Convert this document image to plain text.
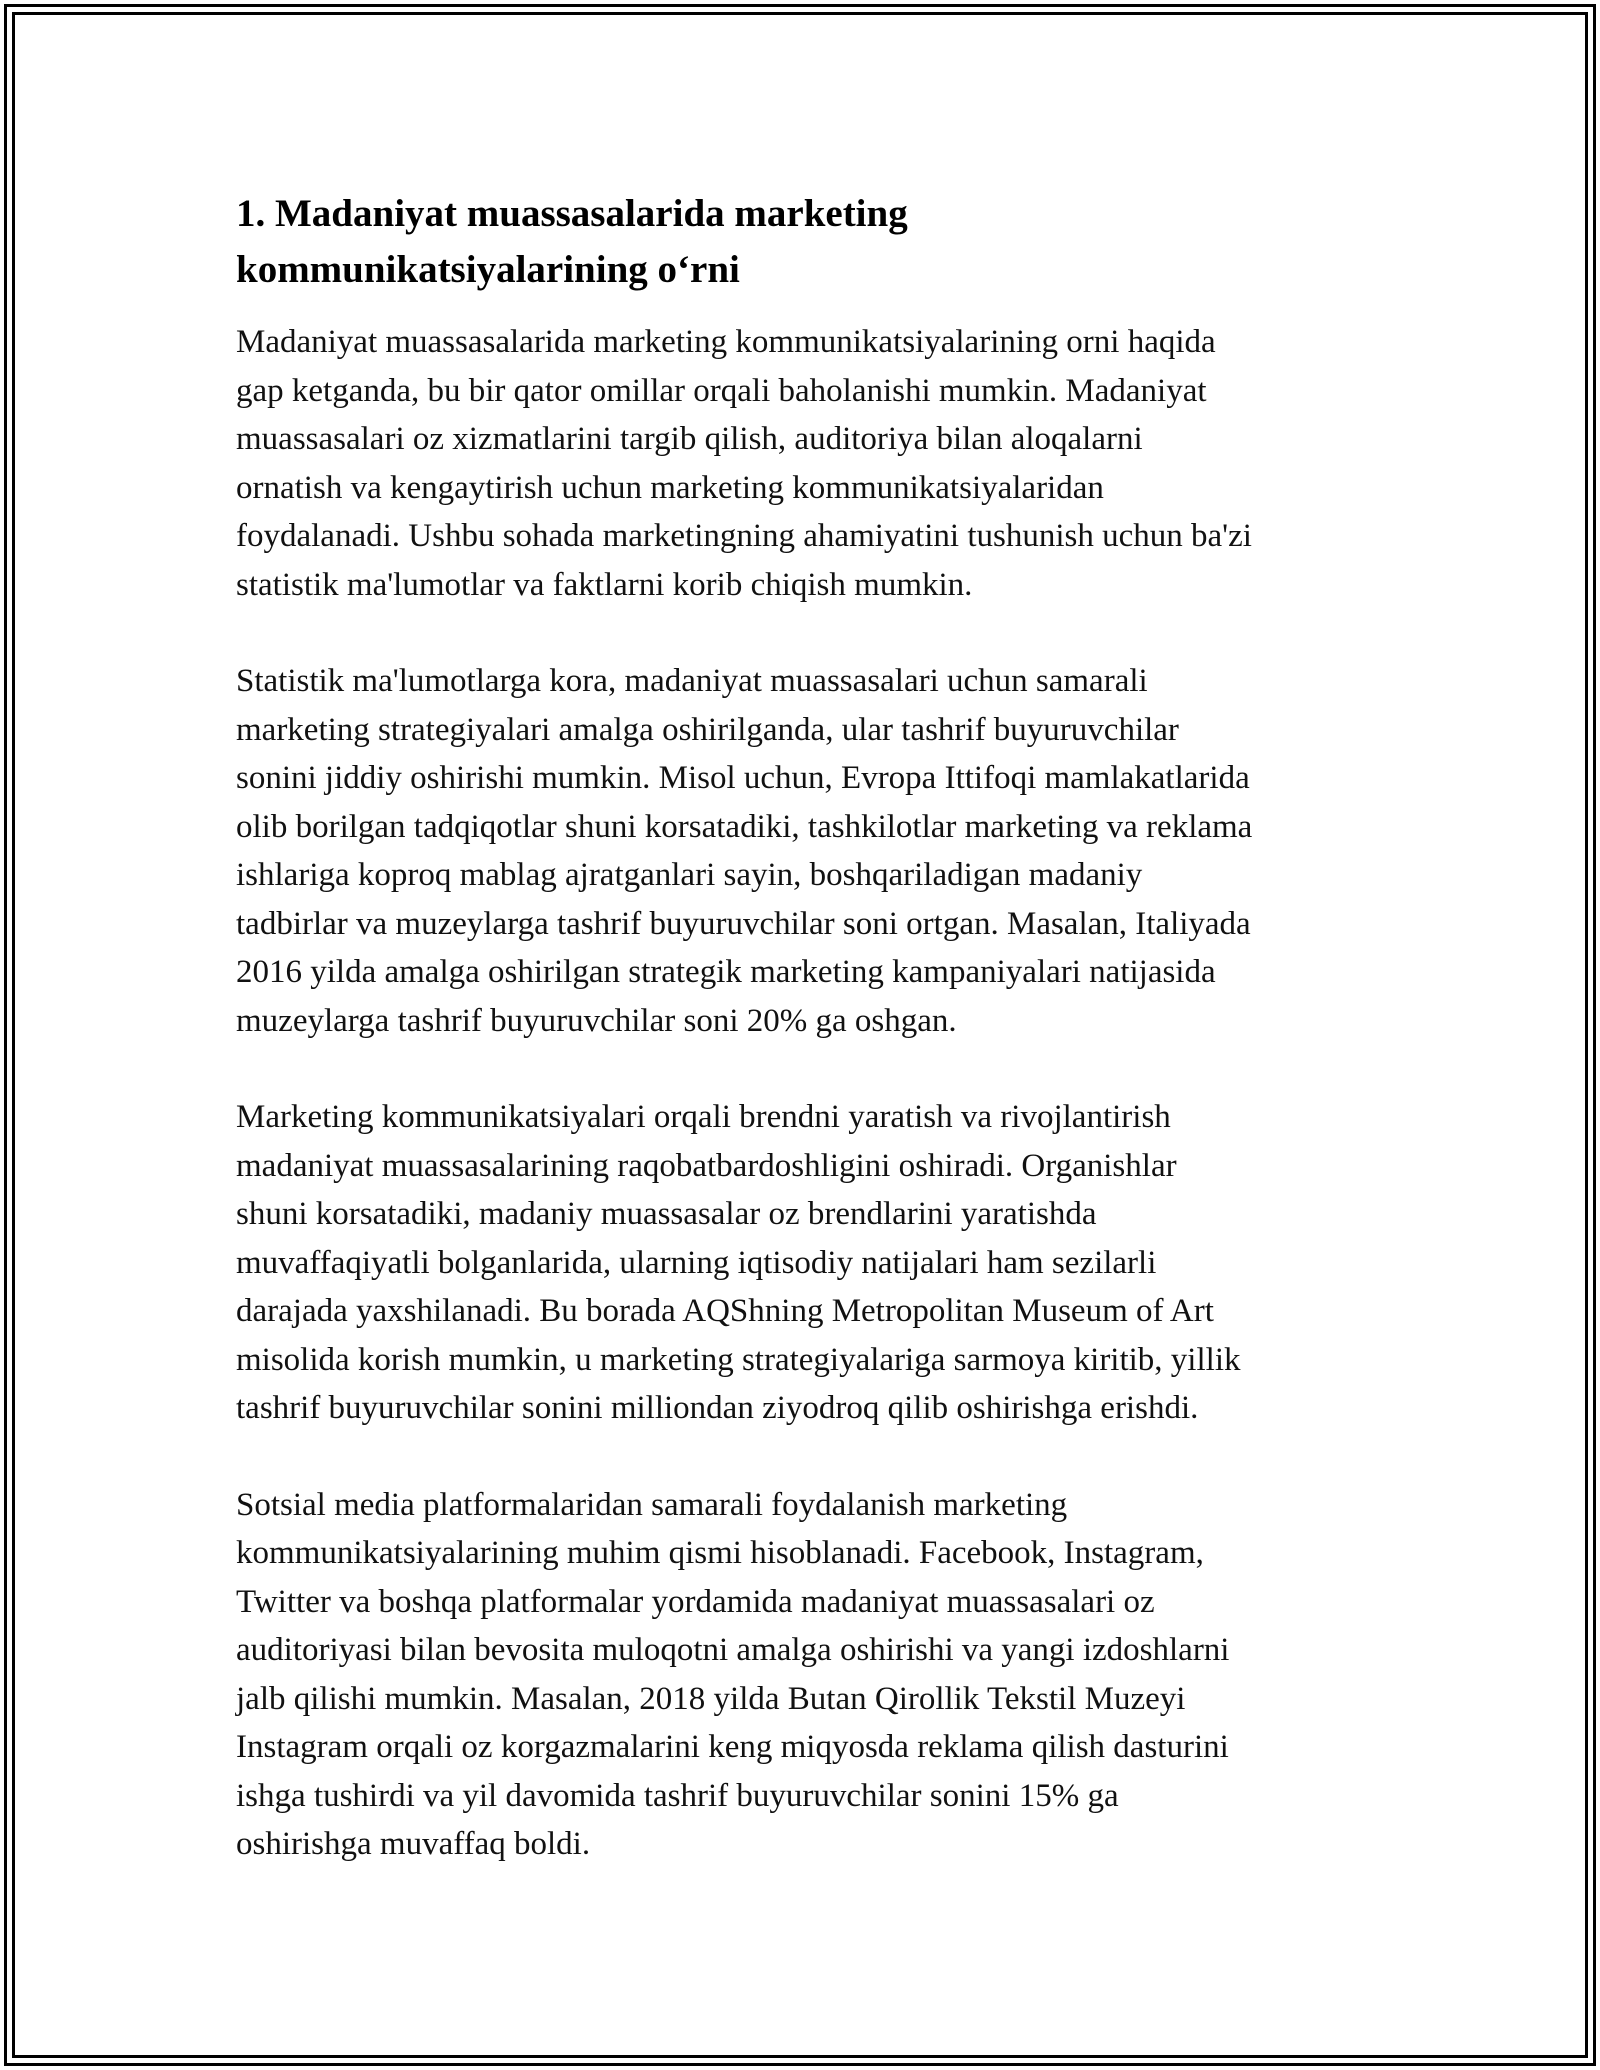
1. Madaniyat muassasalarida marketing
kommunikatsiyalarining o‘rni

Madaniyat muassasalarida marketing kommunikatsiyalarining orni haqida
gap ketganda, bu bir qator omillar orqali baholanishi mumkin. Madaniyat
muassasalari oz xizmatlarini targib qilish, auditoriya bilan aloqalarni
ornatish va kengaytirish uchun marketing kommunikatsiyalaridan
foydalanadi. Ushbu sohada marketingning ahamiyatini tushunish uchun ba'zi
statistik ma'lumotlar va faktlarni korib chiqish mumkin.

Statistik ma'lumotlarga kora, madaniyat muassasalari uchun samarali
marketing strategiyalari amalga oshirilganda, ular tashrif buyuruvchilar
sonini jiddiy oshirishi mumkin. Misol uchun, Evropa Ittifoqi mamlakatlarida
olib borilgan tadqiqotlar shuni korsatadiki, tashkilotlar marketing va reklama
ishlariga koproq mablag ajratganlari sayin, boshqariladigan madaniy
tadbirlar va muzeylarga tashrif buyuruvchilar soni ortgan. Masalan, Italiyada
2016 yilda amalga oshirilgan strategik marketing kampaniyalari natijasida
muzeylarga tashrif buyuruvchilar soni 20% ga oshgan.

Marketing kommunikatsiyalari orqali brendni yaratish va rivojlantirish
madaniyat muassasalarining raqobatbardoshligini oshiradi. Organishlar
shuni korsatadiki, madaniy muassasalar oz brendlarini yaratishda
muvaffaqiyatli bolganlarida, ularning iqtisodiy natijalari ham sezilarli
darajada yaxshilanadi. Bu borada AQShning Metropolitan Museum of Art
misolida korish mumkin, u marketing strategiyalariga sarmoya kiritib, yillik
tashrif buyuruvchilar sonini milliondan ziyodroq qilib oshirishga erishdi.

Sotsial media platformalaridan samarali foydalanish marketing
kommunikatsiyalarining muhim qismi hisoblanadi. Facebook, Instagram,
Twitter va boshqa platformalar yordamida madaniyat muassasalari oz
auditoriyasi bilan bevosita muloqotni amalga oshirishi va yangi izdoshlarni
jalb qilishi mumkin. Masalan, 2018 yilda Butan Qirollik Tekstil Muzeyi
Instagram orqali oz korgazmalarini keng miqyosda reklama qilish dasturini
ishga tushirdi va yil davomida tashrif buyuruvchilar sonini 15% ga
oshirishga muvaffaq boldi.
